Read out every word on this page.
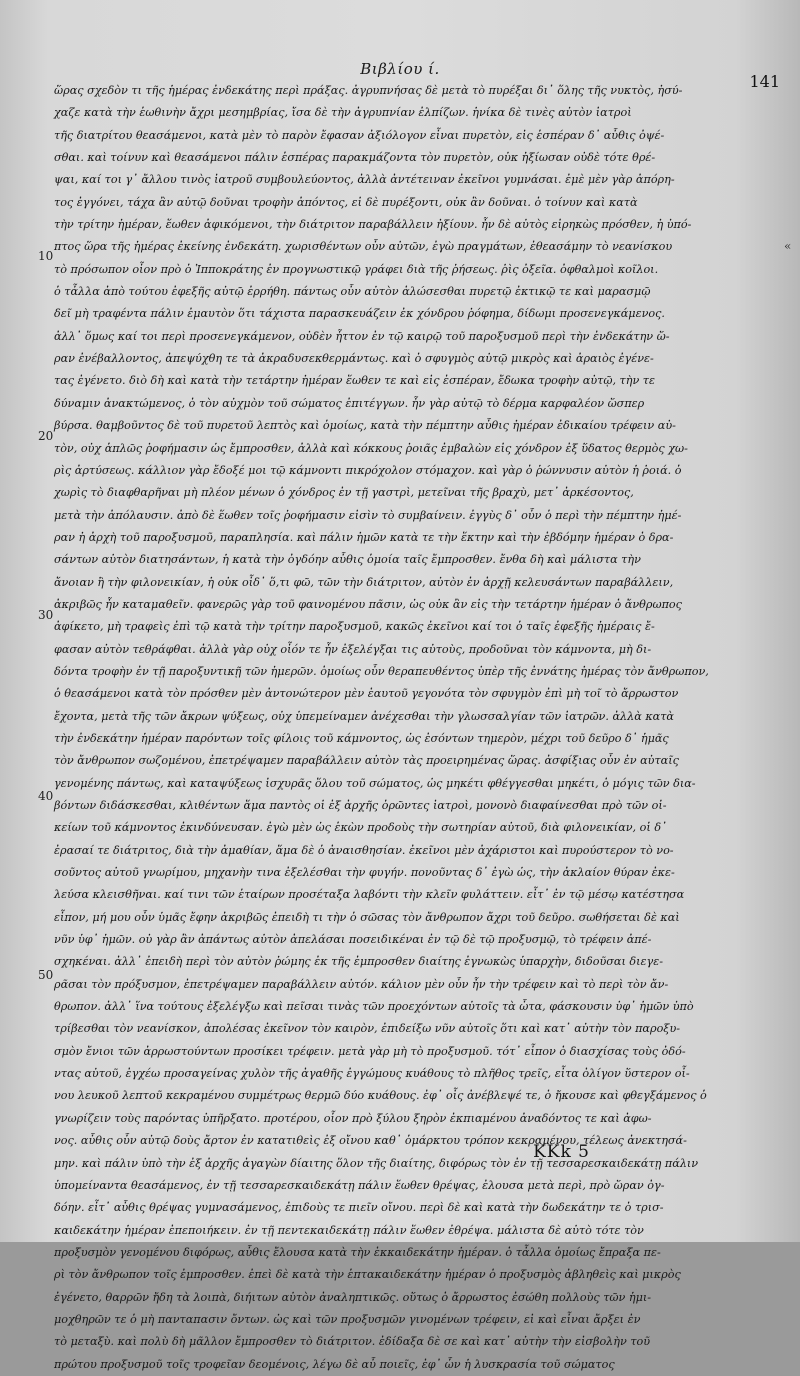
Βιβλίου ί.
141
10
20
30
40
50
«
ὥρας σχεδὸν τι τῆς ἡμέρας ἐνδεκάτης περὶ πράξας. ἀγρυπνήσας δὲ μετὰ τὸ πυρέξαι δι᾽ ὅλης τῆς νυκτὸς, ἡσύ-
χαζε κατὰ τὴν ἑωθινὴν ἄχρι μεσημβρίας, ἴσα δὲ τὴν ἀγρυπνίαν ἐλπίζων. ἡνίκα δὲ τινὲς αὐτὸν ἰατροὶ
τῆς διατρίτου θεασάμενοι, κατὰ μὲν τὸ παρὸν ἔφασαν ἀξιόλογον εἶναι πυρετὸν, εἰς ἑσπέραν δ᾽ αὖθις ὀψέ-
σθαι. καὶ τοίνυν καὶ θεασάμενοι πάλιν ἑσπέρας παρακμάζοντα τὸν πυρετὸν, οὐκ ἠξίωσαν οὐδὲ τότε θρέ-
ψαι, καί τοι γ᾽ ἄλλου τινὸς ἰατροῦ συμβουλεύοντος, ἀλλὰ ἀντέτειναν ἐκεῖνοι γυμνάσαι. ἐμὲ μὲν γὰρ ἀπόρη-
τος ἐγγόνει, τάχα ἂν αὐτῷ δοῦναι τροφὴν ἀπόντος, εἰ δὲ πυρέξοντι, οὐκ ἂν δοῦναι. ὁ τοίνυν καὶ κατὰ
τὴν τρίτην ἡμέραν, ἕωθεν ἀφικόμενοι, τὴν διάτριτον παραβάλλειν ἠξίουν. ἦν δὲ αὐτὸς εἰρηκὼς πρόσθεν, ἡ ὑπό-
πτος ὥρα τῆς ἡμέρας ἐκείνης ἐνδεκάτη. χωρισθέντων οὖν αὐτῶν, ἐγὼ πραγμάτων, ἐθεασάμην τὸ νεανίσκου
τὸ πρόσωπον οἷον πρὸ ὁ Ἱπποκράτης ἐν προγνωστικῷ γράφει διὰ τῆς ῥήσεως. ῥὶς ὀξεῖα. ὀφθαλμοὶ κοῖλοι.
ὁ τἆλλα ἀπὸ τούτου ἐφεξῆς αὐτῷ ἐρρήθη. πάντως οὖν αὐτὸν ἁλώσεσθαι πυρετῷ ἐκτικῷ τε καὶ μαρασμῷ
δεῖ μὴ τραφέντα πάλιν ἐμαυτὸν ὅτι τάχιστα παρασκευάζειν ἐκ χόνδρου ῥόφημα, δίδωμι προσενεγκάμενος.
ἀλλ᾽ ὅμως καί τοι περὶ προσενεγκάμενον, οὐδὲν ἧττον ἐν τῷ καιρῷ τοῦ παροξυσμοῦ περὶ τὴν ἐνδεκάτην ὥ-
ραν ἐνέβαλλοντος, ἀπεψύχθη τε τὰ ἀκραδυσεκθερμάντως. καὶ ὁ σφυγμὸς αὐτῷ μικρὸς καὶ ἀραιὸς ἐγένε-
τας ἐγένετο. διὸ δὴ καὶ κατὰ τὴν τετάρτην ἡμέραν ἕωθεν τε καὶ εἰς ἑσπέραν, ἔδωκα τροφὴν αὐτῷ, τὴν τε
δύναμιν ἀνακτώμενος, ὁ τὸν αὐχμὸν τοῦ σώματος ἐπιτέγγων. ἦν γὰρ αὐτῷ τὸ δέρμα καρφαλέον ὥσπερ
βύρσα. θαμβοῦντος δὲ τοῦ πυρετοῦ λεπτὸς καὶ ὁμοίως, κατὰ τὴν πέμπτην αὖθις ἡμέραν ἐδικαίου τρέφειν αὐ-
τὸν, οὐχ ἁπλῶς ῥοφήμασιν ὡς ἔμπροσθεν, ἀλλὰ καὶ κόκκους ῥοιᾶς ἐμβαλὼν εἰς χόνδρον ἐξ ὕδατος θερμὸς χω-
ρὶς ἀρτύσεως. κάλλιον γὰρ ἔδοξέ μοι τῷ κάμνοντι πικρόχολον στόμαχον. καὶ γὰρ ὁ ῥώννυσιν αὐτὸν ἡ ῥοιά. ὁ
χωρὶς τὸ διαφθαρῆναι μὴ πλέον μένων ὁ χόνδρος ἐν τῇ γαστρὶ, μετεῖναι τῆς βραχὺ, μετ᾽ ἀρκέσοντος,
μετὰ τὴν ἀπόλαυσιν. ἀπὸ δὲ ἕωθεν τοῖς ῥοφήμασιν εἰσὶν τὸ συμβαίνειν. ἐγγὺς δ᾽ οὖν ὁ περὶ τὴν πέμπτην ἡμέ-
ραν ἡ ἀρχὴ τοῦ παροξυσμοῦ, παραπλησία. καὶ πάλιν ἡμῶν κατὰ τε τὴν ἕκτην καὶ τὴν ἑβδόμην ἡμέραν ὁ δρα-
σάντων αὐτὸν διατησάντων, ἡ κατὰ τὴν ὀγδόην αὖθις ὁμοία ταῖς ἔμπροσθεν. ἔνθα δὴ καὶ μάλιστα τὴν
ἄνοιαν ἢ τὴν φιλονεικίαν, ἡ οὐκ οἶδ᾽ ὅ,τι φῶ, τῶν τὴν διάτριτον, αὐτὸν ἐν ἀρχῇ κελευσάντων παραβάλλειν,
ἀκριβῶς ἦν καταμαθεῖν. φανερῶς γὰρ τοῦ φαινομένου πᾶσιν, ὡς οὐκ ἂν εἰς τὴν τετάρτην ἡμέραν ὁ ἄνθρωπος
ἀφίκετο, μὴ τραφεὶς ἐπὶ τῷ κατὰ τὴν τρίτην παροξυσμοῦ, κακῶς ἐκεῖνοι καί τοι ὁ ταῖς ἐφεξῆς ἡμέραις ἔ-
φασαν αὐτὸν τεθράφθαι. ἀλλὰ γὰρ οὐχ οἷόν τε ἦν ἐξελέγξαι τις αὐτοὺς, προδοῦναι τὸν κάμνοντα, μὴ δι-
δόντα τροφὴν ἐν τῇ παροξυντικῇ τῶν ἡμερῶν. ὁμοίως οὖν θεραπευθέντος ὑπὲρ τῆς ἐννάτης ἡμέρας τὸν ἄνθρωπον,
ὁ θεασάμενοι κατὰ τὸν πρόσθεν μὲν ἀντονώτερον μὲν ἑαυτοῦ γεγονότα τὸν σφυγμὸν ἐπὶ μὴ τοῖ τὸ ἄρρωστον
ἔχοντα, μετὰ τῆς τῶν ἄκρων ψύξεως, οὐχ ὑπεμείναμεν ἀνέχεσθαι τὴν γλωσσαλγίαν τῶν ἰατρῶν. ἀλλὰ κατὰ
τὴν ἐνδεκάτην ἡμέραν παρόντων τοῖς φίλοις τοῦ κάμνοντος, ὡς ἐσόντων τημερὸν, μέχρι τοῦ δεῦρο δ᾽ ἡμᾶς
τὸν ἄνθρωπον σωζομένου, ἐπετρέψαμεν παραβάλλειν αὐτὸν τὰς προειρημένας ὥρας. ἀσφίξιας οὖν ἐν αὐταῖς
γενομένης πάντως, καὶ καταψύξεως ἰσχυρᾶς ὅλου τοῦ σώματος, ὡς μηκέτι φθέγγεσθαι μηκέτι, ὁ μόγις τῶν δια-
βόντων διδάσκεσθαι, κλιθέντων ἅμα παντὸς οἱ ἐξ ἀρχῆς ὁρῶντες ἰατροὶ, μονονὸ διαφαίνεσθαι πρὸ τῶν οἰ-
κείων τοῦ κάμνοντος ἐκινδύνευσαν. ἐγὼ μὲν ὡς ἑκὼν προδοὺς τὴν σωτηρίαν αὐτοῦ, διὰ φιλονεικίαν, οἱ δ᾽
ἐρασαί τε διάτριτος, διὰ τὴν ἀμαθίαν, ἅμα δὲ ὁ ἀναισθησίαν. ἐκεῖνοι μὲν ἀχάριστοι καὶ πυρούστερον τὸ νο-
σοῦντος αὐτοῦ γνωρίμου, μηχανὴν τινα ἐξελέσθαι τὴν φυγήν. πονοῦντας δ᾽ ἐγὼ ὡς, τὴν ἀκλαίον θύραν ἐκε-
λεύσα κλεισθῆναι. καί τινι τῶν ἑταίρων προσέταξα λαβόντι τὴν κλεῖν φυλάττειν. εἶτ᾽ ἐν τῷ μέσῳ κατέστησα
εἶπον, μή μου οὖν ὑμᾶς ἔφην ἀκριβῶς ἐπειδὴ τι τὴν ὁ σῶσας τὸν ἄνθρωπον ἄχρι τοῦ δεῦρο. σωθήσεται δὲ καὶ
νῦν ὑφ᾽ ἡμῶν. οὐ γὰρ ἂν ἀπάντως αὐτὸν ἀπελάσαι ποσειδικέναι ἐν τῷ δὲ τῷ προξυσμῷ, τὸ τρέφειν ἀπέ-
σχηκέναι. ἀλλ᾽ ἐπειδὴ περὶ τὸν αὐτὸν ῥώμης ἐκ τῆς ἐμπροσθεν διαίτης ἐγνωκὼς ὑπαρχὴν, διδοῦσαι διεγε-
ρᾶσαι τὸν πρόξυσμον, ἐπετρέψαμεν παραβάλλειν αὐτόν. κάλιον μὲν οὖν ἦν τὴν τρέφειν καὶ τὸ περὶ τὸν ἄν-
θρωπον. ἀλλ᾽ ἵνα τούτους ἐξελέγξω καὶ πεῖσαι τινὰς τῶν προεχόντων αὐτοῖς τὰ ὦτα, φάσκουσιν ὑφ᾽ ἡμῶν ὑπὸ
τρίβεσθαι τὸν νεανίσκον, ἀπολέσας ἐκεῖνον τὸν καιρὸν, ἐπιδείξω νῦν αὐτοῖς ὅτι καὶ κατ᾽ αὐτὴν τὸν παροξυ-
σμὸν ἔνιοι τῶν ἀρρωστούντων προσίκει τρέφειν. μετὰ γὰρ μὴ τὸ προξυσμοῦ. τότ᾽ εἶπον ὁ διασχίσας τοὺς ὀδό-
ντας αὐτοῦ, ἐγχέω προσαγείνας χυλὸν τῆς ἀγαθῆς ἐγγώμους κυάθους τὸ πλῆθος τρεῖς, εἶτα ὀλίγον ὕστερον οἶ-
νου λευκοῦ λεπτοῦ κεκραμένου συμμέτρως θερμῶ δύο κυάθους. ἐφ᾽ οἷς ἀνέβλεψέ τε, ὁ ἤκουσε καὶ φθεγξάμενος ὁ
γνωρίζειν τοὺς παρόντας ὑπῆρξατο. προτέρου, οἷον πρὸ ξύλου ξηρὸν ἐκπιαμένου ἀναδόντος τε καὶ ἀφω-
νος. αὖθις οὖν αὐτῷ δοὺς ἄρτον ἐν κατατιθεὶς ἐξ οἴνου καθ᾽ ὁμάρκτου τρόπον κεκραμένου, τέλεως ἀνεκτησά-
μην. καὶ πάλιν ὑπὸ τὴν ἐξ ἀρχῆς ἀγαγὼν δίαιτης ὅλον τῆς διαίτης, διφόρως τὸν ἐν τῇ τεσσαρεσκαιδεκάτῃ πάλιν
ὑπομείναντα θεασάμενος, ἐν τῇ τεσσαρεσκαιδεκάτῃ πάλιν ἕωθεν θρέψας, ἐλουσα μετὰ περὶ, πρὸ ὥραν ὀγ-
δόην. εἶτ᾽ αὖθις θρέψας γυμνασάμενος, ἐπιδοὺς τε πιεῖν οἴνου. περὶ δὲ καὶ κατὰ τὴν δωδεκάτην τε ὁ τρισ-
καιδεκάτην ἡμέραν ἐπεποιήκειν. ἐν τῇ πεντεκαιδεκάτῃ πάλιν ἕωθεν ἐθρέψα. μάλιστα δὲ αὐτὸ τότε τὸν
προξυσμὸν γενομένου διφόρως, αὖθις ἔλουσα κατὰ τὴν ἑκκαιδεκάτην ἡμέραν. ὁ τἆλλα ὁμοίως ἔπραξα πε-
ρὶ τὸν ἄνθρωπον τοῖς ἐμπροσθεν. ἐπεὶ δὲ κατὰ τὴν ἑπτακαιδεκάτην ἡμέραν ὁ προξυσμὸς ἀβληθεὶς καὶ μικρὸς
ἐγένετο, θαρρῶν ἤδη τὰ λοιπὰ, διήιτων αὐτὸν ἀναληπτικῶς. οὕτως ὁ ἄρρωστος ἐσώθη πολλοὺς τῶν ἡμι-
μοχθηρῶν τε ὁ μὴ πανταπασιν ὄντων. ὡς καὶ τῶν προξυσμῶν γινομένων τρέφειν, εἰ καὶ εἶναι ἄρξει ἐν
τὸ μεταξὺ. καὶ πολὺ δὴ μᾶλλον ἔμπροσθεν τὸ διάτριτον. ἐδίδαξα δὲ σε καὶ κατ᾽ αὐτὴν τὴν εἰσβολὴν τοῦ
πρώτου προξυσμοῦ τοῖς τροφεῖαν δεομένοις, λέγω δὲ αὖ ποιεῖς, ἐφ᾽ ὧν ἡ λυσκρασία τοῦ σώματος
KKk 5
